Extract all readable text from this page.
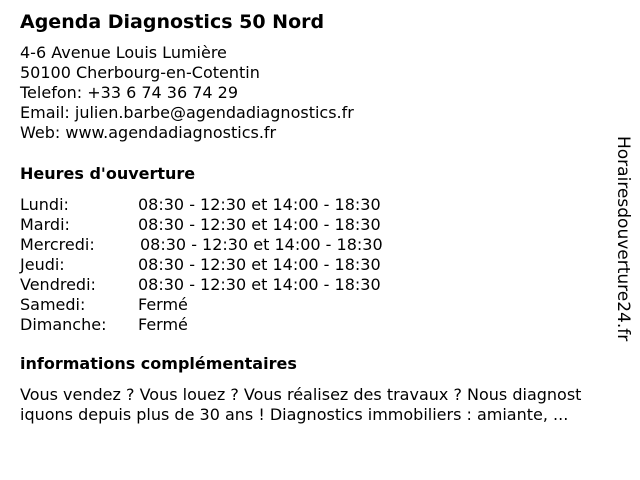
Agenda Diagnostics 50 Nord
4-6 Avenue Louis Lumière
50100 Cherbourg-en-Cotentin
Telefon: +33 6 74 36 74 29
Email: julien.barbe@agendadiagnostics.fr
Web: www.agendadiagnostics.fr
Heures d'ouverture
Lundi:	08:30 - 12:30 et 14:00 - 18:30
Mardi:	08:30 - 12:30 et 14:00 - 18:30
Mercredi:	08:30 - 12:30 et 14:00 - 18:30
Jeudi:	08:30 - 12:30 et 14:00 - 18:30
Vendredi:	08:30 - 12:30 et 14:00 - 18:30
Samedi:	Fermé
Dimanche: Fermé
informations complémentaires
Vous vendez ? Vous louez ? Vous réalisez des travaux ? Nous diagnost
iquons depuis plus de 30 ans ! Diagnostics immobiliers : amiante, ...
Horairesdouverture24.fr
